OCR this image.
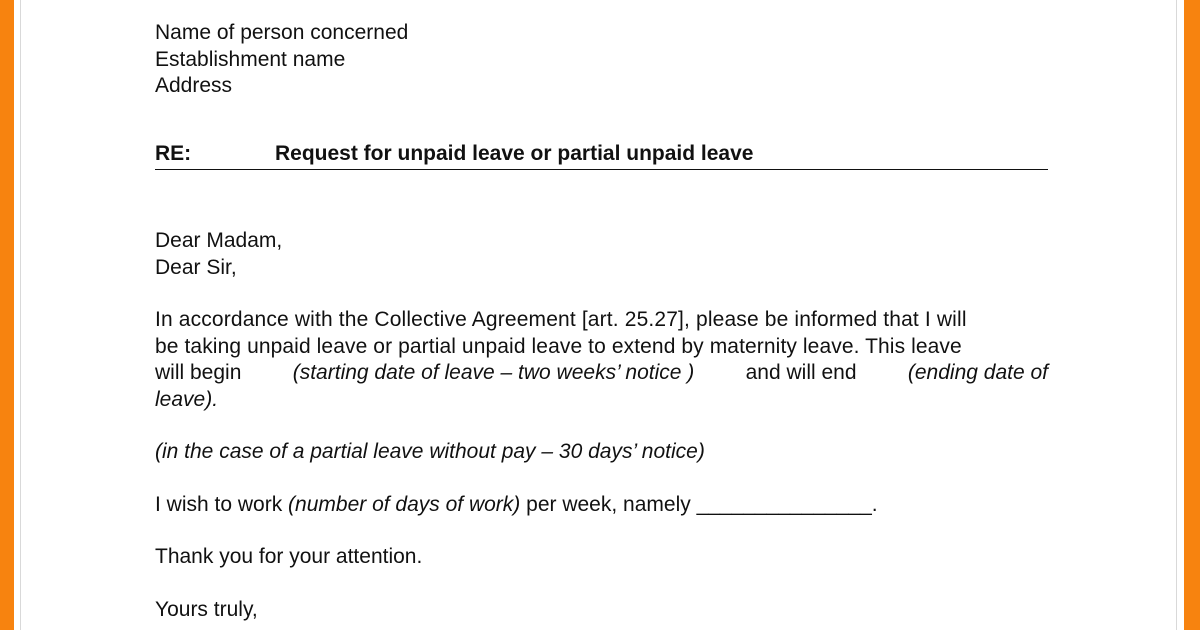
Name of person concerned
Establishment name
Address
RE:	Request for unpaid leave or partial unpaid leave
Dear Madam,
Dear Sir,
In accordance with the Collective Agreement [art. 25.27], please be informed that I will
be taking unpaid leave or partial unpaid leave to extend by maternity leave. This leave
will begin (starting date of leave – two weeks’ notice ) and will end (ending date of
leave).
(in the case of a partial leave without pay – 30 days’ notice)
I wish to work (number of days of work) per week, namely _______________.
Thank you for your attention.
Yours truly,
